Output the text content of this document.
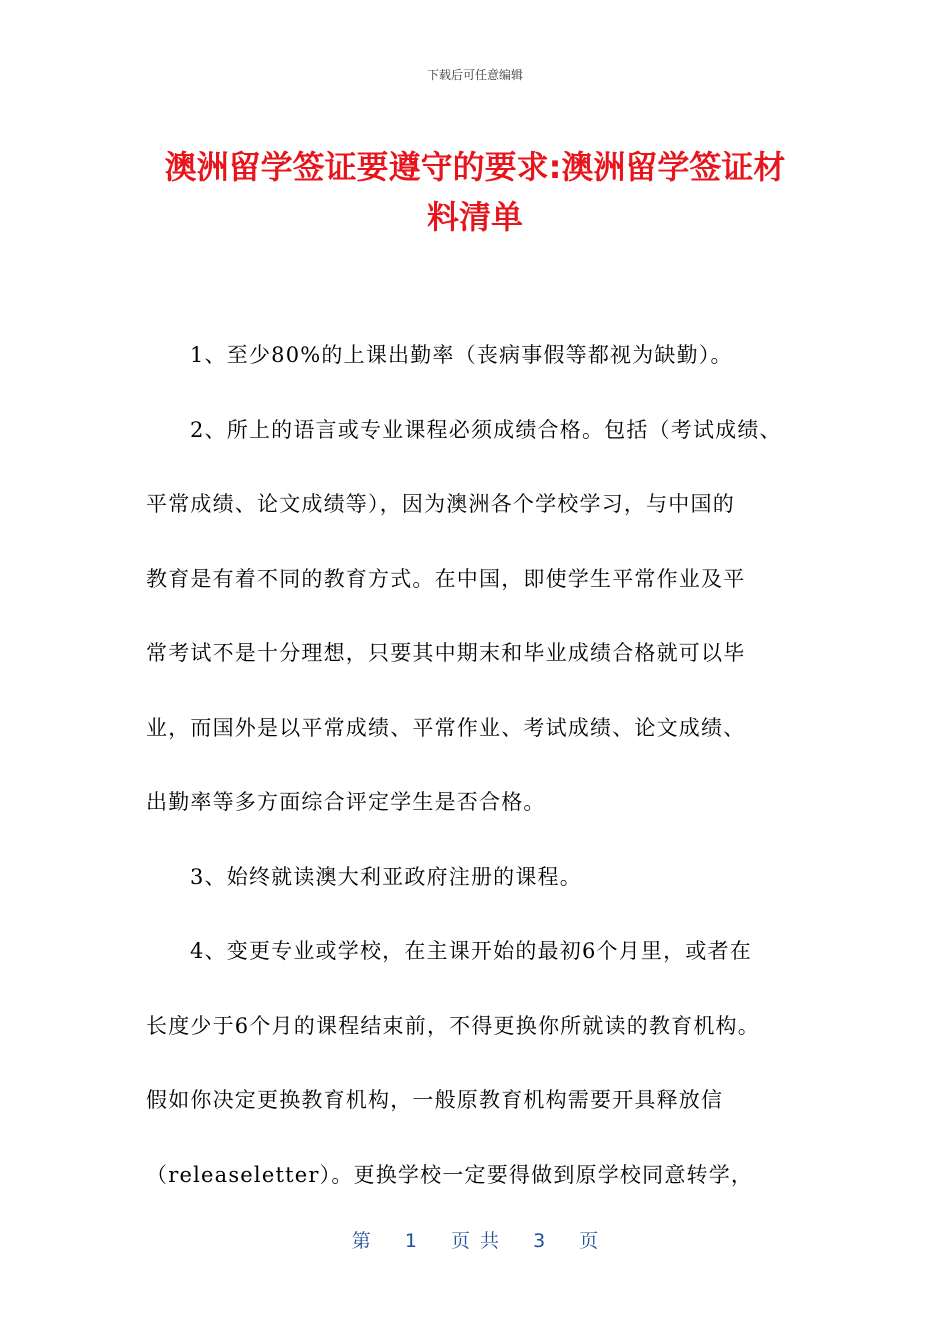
下载后可任意编辑
澳洲留学签证要遵守的要求:澳洲留学签证材
料清单
1、至少80%的上课出勤率（丧病事假等都视为缺勤）。
2、所上的语言或专业课程必须成绩合格。包括（考试成绩、
平常成绩、论文成绩等），因为澳洲各个学校学习，与中国的
教育是有着不同的教育方式。在中国，即使学生平常作业及平
常考试不是十分理想，只要其中期末和毕业成绩合格就可以毕
业，而国外是以平常成绩、平常作业、考试成绩、论文成绩、
出勤率等多方面综合评定学生是否合格。
3、始终就读澳大利亚政府注册的课程。
4、变更专业或学校，在主课开始的最初6个月里，或者在
长度少于6个月的课程结束前，不得更换你所就读的教育机构。
假如你决定更换教育机构，一般原教育机构需要开具释放信
（releaseletter）。更换学校一定要得做到原学校同意转学，
第 1 页 共 3 页
